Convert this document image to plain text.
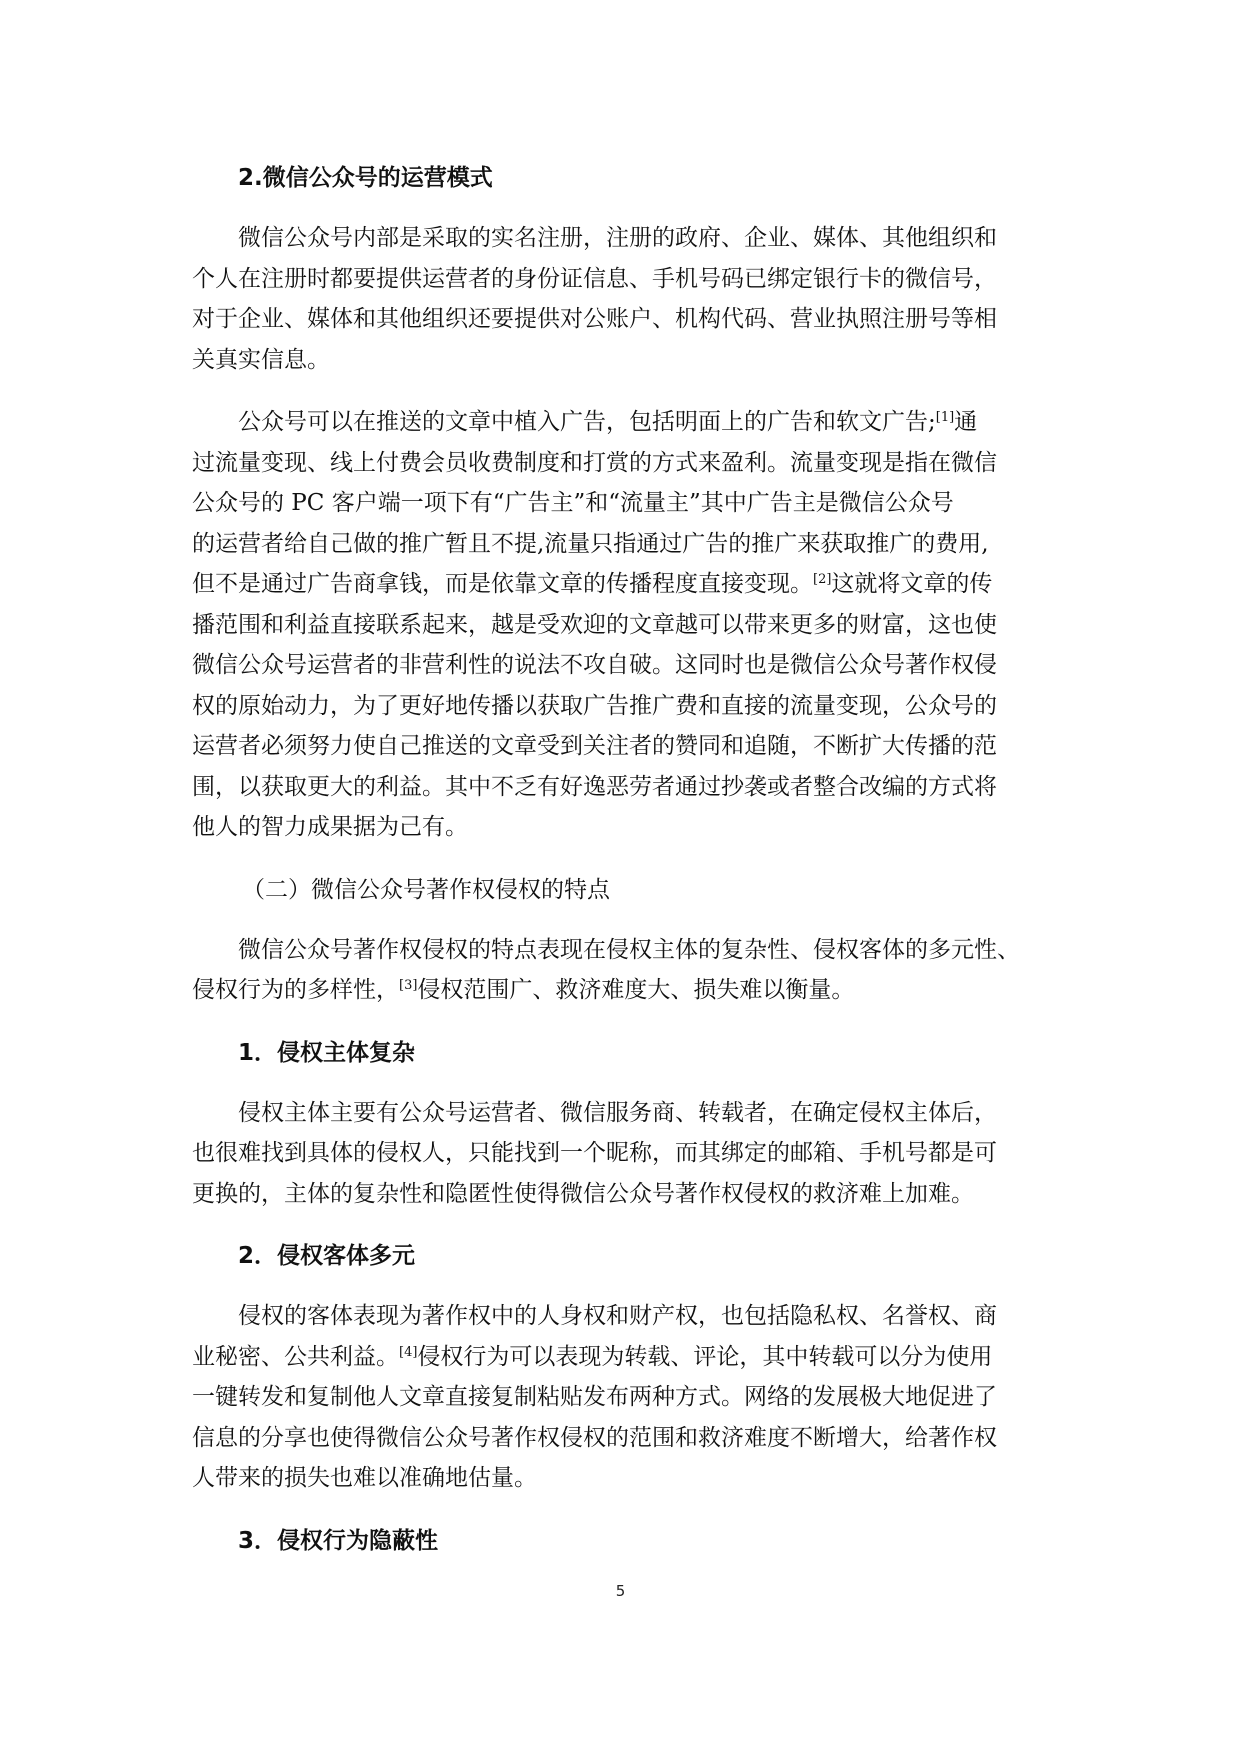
2.微信公众号的运营模式
微信公众号内部是采取的实名注册，注册的政府、企业、媒体、其他组织和
个人在注册时都要提供运营者的身份证信息、手机号码已绑定银行卡的微信号，
对于企业、媒体和其他组织还要提供对公账户、机构代码、营业执照注册号等相
关真实信息。
公众号可以在推送的文章中植入广告，包括明面上的广告和软文广告;[1]通
过流量变现、线上付费会员收费制度和打赏的方式来盈利。流量变现是指在微信
公众号的 PC 客户端一项下有“广告主”和“流量主”其中广告主是微信公众号
的运营者给自己做的推广暂且不提,流量只指通过广告的推广来获取推广的费用,
但不是通过广告商拿钱，而是依靠文章的传播程度直接变现。[2]这就将文章的传
播范围和利益直接联系起来，越是受欢迎的文章越可以带来更多的财富，这也使
微信公众号运营者的非营利性的说法不攻自破。这同时也是微信公众号著作权侵
权的原始动力，为了更好地传播以获取广告推广费和直接的流量变现，公众号的
运营者必须努力使自己推送的文章受到关注者的赞同和追随，不断扩大传播的范
围，以获取更大的利益。其中不乏有好逸恶劳者通过抄袭或者整合改编的方式将
他人的智力成果据为己有。
（二）微信公众号著作权侵权的特点
微信公众号著作权侵权的特点表现在侵权主体的复杂性、侵权客体的多元性、
侵权行为的多样性，[3]侵权范围广、救济难度大、损失难以衡量。
1．侵权主体复杂
侵权主体主要有公众号运营者、微信服务商、转载者，在确定侵权主体后，
也很难找到具体的侵权人，只能找到一个昵称，而其绑定的邮箱、手机号都是可
更换的，主体的复杂性和隐匿性使得微信公众号著作权侵权的救济难上加难。
2．侵权客体多元
侵权的客体表现为著作权中的人身权和财产权，也包括隐私权、名誉权、商
业秘密、公共利益。[4]侵权行为可以表现为转载、评论，其中转载可以分为使用
一键转发和复制他人文章直接复制粘贴发布两种方式。网络的发展极大地促进了
信息的分享也使得微信公众号著作权侵权的范围和救济难度不断增大，给著作权
人带来的损失也难以准确地估量。
3．侵权行为隐蔽性
5
